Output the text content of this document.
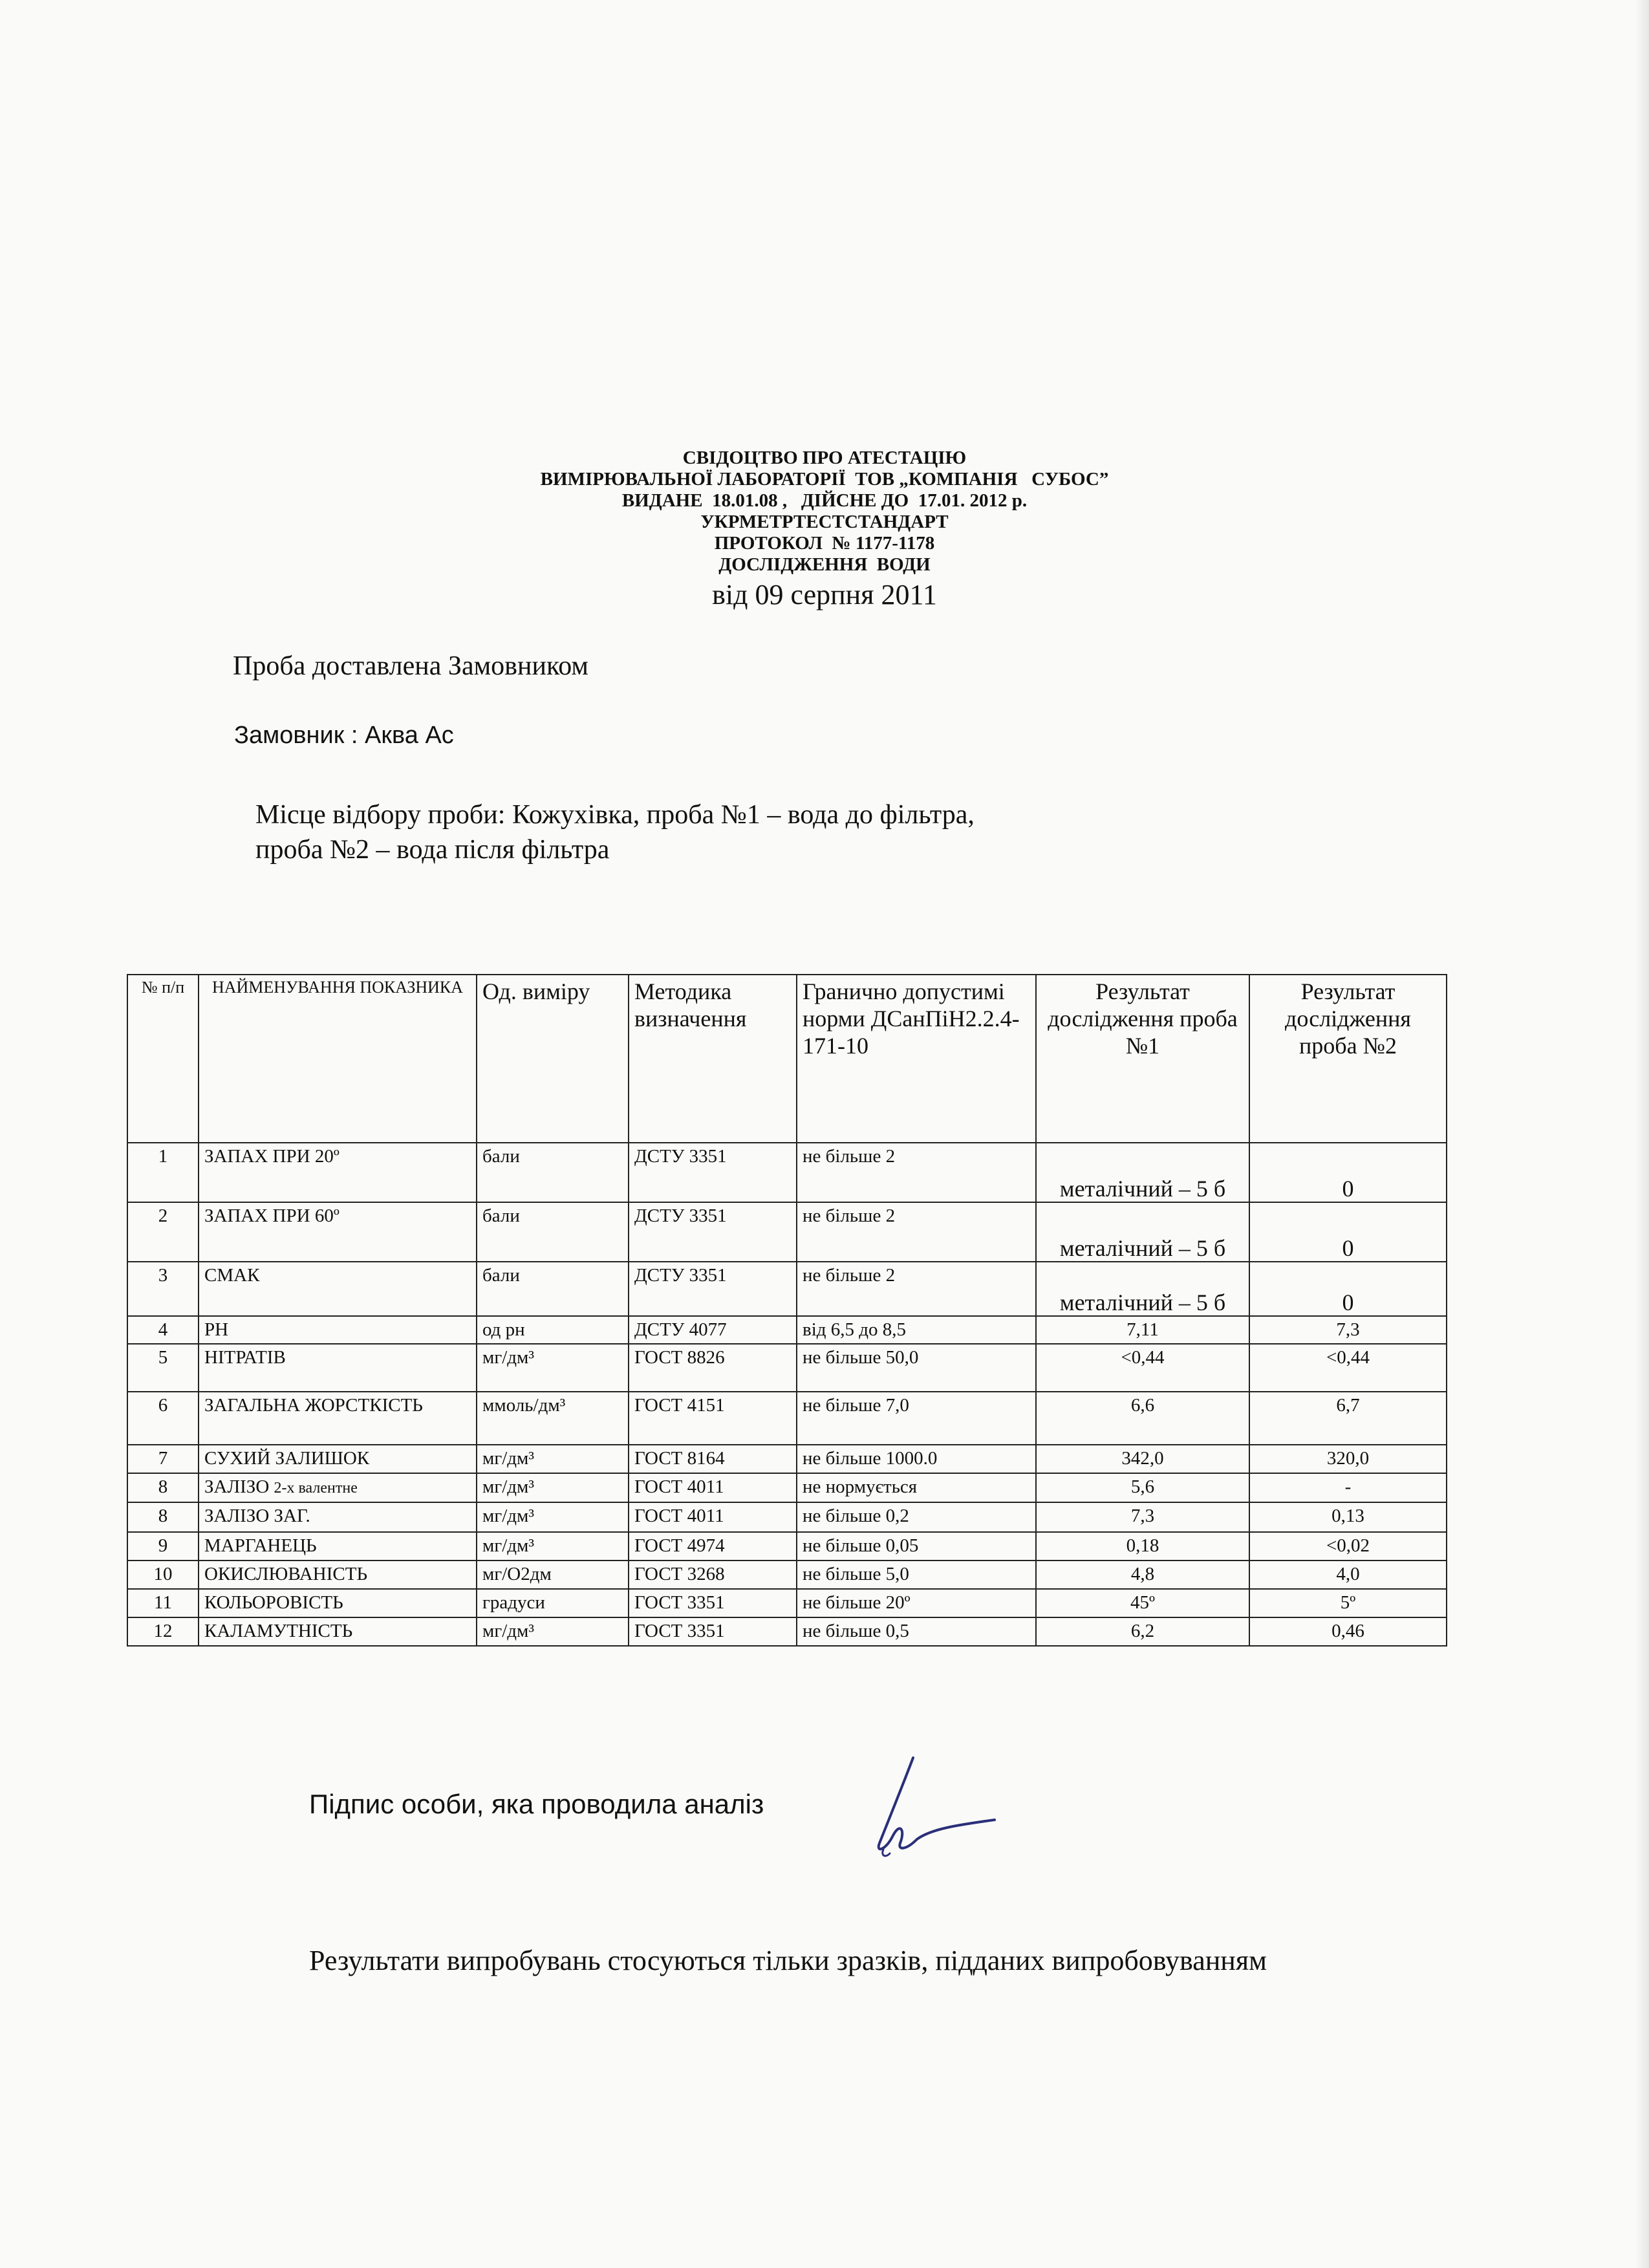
СВІДОЦТВО ПРО АТЕСТАЦІЮ
ВИМІРЮВАЛЬНОЇ ЛАБОРАТОРІЇ  ТОВ „КОМПАНІЯ   СУБОС”
ВИДАНЕ  18.01.08 ,   ДІЙСНЕ ДО  17.01. 2012 р.
УКРМЕТРТЕСТСТАНДАРТ
ПРОТОКОЛ  № 1177-1178
ДОСЛІДЖЕННЯ  ВОДИ
від 09 серпня 2011
Проба доставлена Замовником
Замовник : Аква Ас
Місце відбору проби: Кожухівка, проба №1 – вода до фільтра,
проба №2 – вода після фільтра
№ п/п	НАЙМЕНУВАННЯ ПОКАЗНИКА	Од. виміру	Методика визначення	Гранично допустимі норми ДСанПіН2.2.4-171-10	Результат дослідження проба №1	Результат дослідження проба №2
1	ЗАПАХ ПРИ 20º	бали	ДСТУ 3351	не більше 2	металічний – 5 б	0
2	ЗАПАХ ПРИ 60º	бали	ДСТУ 3351	не більше 2	металічний – 5 б	0
3	СМАК	бали	ДСТУ 3351	не більше 2	металічний – 5 б	0
4	PH	од рн	ДСТУ 4077	від 6,5 до 8,5	7,11	7,3
5	НІТРАТІВ	мг/дм³	ГОСТ 8826	не більше 50,0	<0,44	<0,44
6	ЗАГАЛЬНА ЖОРСТКІСТЬ	ммоль/дм³	ГОСТ 4151	не більше 7,0	6,6	6,7
7	СУХИЙ ЗАЛИШОК	мг/дм³	ГОСТ 8164	не більше 1000.0	342,0	320,0
8	ЗАЛІЗО 2-х валентне	мг/дм³	ГОСТ 4011	не нормується	5,6	-
8	ЗАЛІЗО ЗАГ.	мг/дм³	ГОСТ 4011	не більше 0,2	7,3	0,13
9	МАРГАНЕЦЬ	мг/дм³	ГОСТ 4974	не більше 0,05	0,18	<0,02
10	ОКИСЛЮВАНІСТЬ	мг/О2дм	ГОСТ 3268	не більше 5,0	4,8	4,0
11	КОЛЬОРОВІСТЬ	градуси	ГОСТ 3351	не більше 20º	45º	5º
12	КАЛАМУТНІСТЬ	мг/дм³	ГОСТ 3351	не більше 0,5	6,2	0,46
Підпис особи, яка проводила аналіз
Результати випробувань стосуються тільки зразків, підданих випробовуванням
